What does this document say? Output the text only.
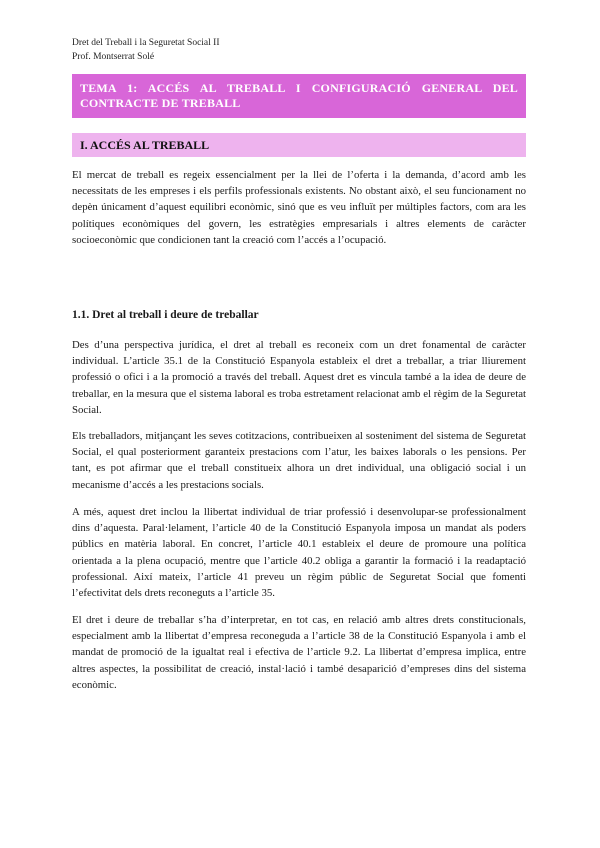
Dret del Treball i la Seguretat Social II
Prof. Montserrat Solé
TEMA 1: ACCÉS AL TREBALL I CONFIGURACIÓ GENERAL DEL CONTRACTE DE TREBALL
I. ACCÉS AL TREBALL

El mercat de treball es regeix essencialment per la llei de l’oferta i la demanda, d’acord amb les necessitats de les empreses i els perfils professionals existents. No obstant això, el seu funcionament no depèn únicament d’aquest equilibri econòmic, sinó que es veu influït per múltiples factors, com ara les polítiques econòmiques del govern, les estratègies empresarials i altres elements de caràcter socioeconòmic que condicionen tant la creació com l’accés a l’ocupació.

1.1. Dret al treball i deure de treballar

Des d’una perspectiva jurídica, el dret al treball es reconeix com un dret fonamental de caràcter individual. L’article 35.1 de la Constitució Espanyola estableix el dret a treballar, a triar lliurement professió o ofici i a la promoció a través del treball. Aquest dret es vincula també a la idea de deure de treballar, en la mesura que el sistema laboral es troba estretament relacionat amb el règim de la Seguretat Social.

Els treballadors, mitjançant les seves cotitzacions, contribueixen al sosteniment del sistema de Seguretat Social, el qual posteriorment garanteix prestacions com l’atur, les baixes laborals o les pensions. Per tant, es pot afirmar que el treball constitueix alhora un dret individual, una obligació social i un mecanisme d’accés a les prestacions socials.

A més, aquest dret inclou la llibertat individual de triar professió i desenvolupar-se professionalment dins d’aquesta. Paral·lelament, l’article 40 de la Constitució Espanyola imposa un mandat als poders públics en matèria laboral. En concret, l’article 40.1 estableix el deure de promoure una política orientada a la plena ocupació, mentre que l’article 40.2 obliga a garantir la formació i la readaptació professional. Així mateix, l’article 41 preveu un règim públic de Seguretat Social que fomenti l’efectivitat dels drets reconeguts a l’article 35.

El dret i deure de treballar s’ha d’interpretar, en tot cas, en relació amb altres drets constitucionals, especialment amb la llibertat d’empresa reconeguda a l’article 38 de la Constitució Espanyola i amb el mandat de promoció de la igualtat real i efectiva de l’article 9.2. La llibertat d’empresa implica, entre altres aspectes, la possibilitat de creació, instal·lació i també desaparició d’empreses dins del sistema econòmic.
